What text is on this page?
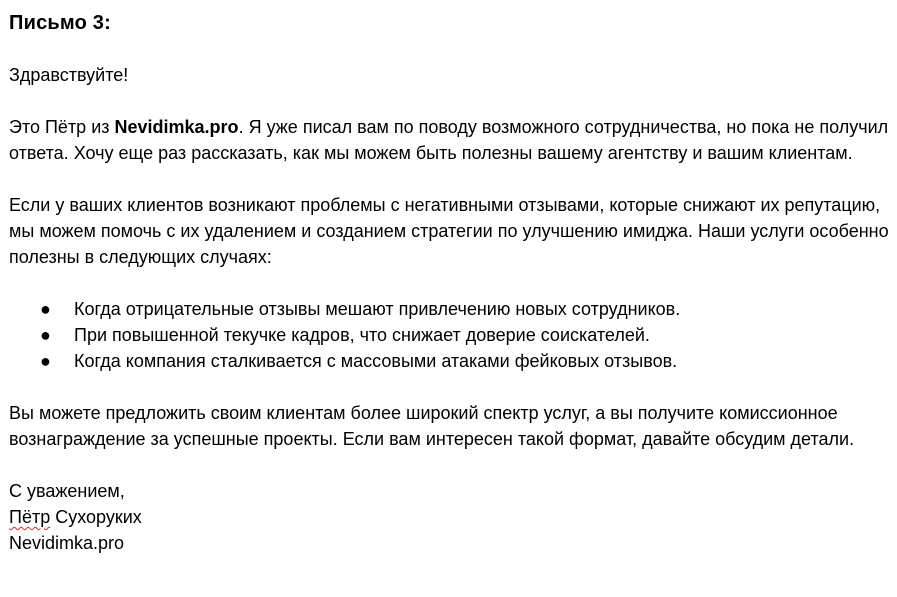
Письмо 3:

Здравствуйте!

Это Пётр из Nevidimka.pro. Я уже писал вам по поводу возможного сотрудничества, но пока не получил ответа. Хочу еще раз рассказать, как мы можем быть полезны вашему агентству и вашим клиентам.

Если у ваших клиентов возникают проблемы с негативными отзывами, которые снижают их репутацию, мы можем помочь с их удалением и созданием стратегии по улучшению имиджа. Наши услуги особенно полезны в следующих случаях:

● Когда отрицательные отзывы мешают привлечению новых сотрудников.
● При повышенной текучке кадров, что снижает доверие соискателей.
● Когда компания сталкивается с массовыми атаками фейковых отзывов.

Вы можете предложить своим клиентам более широкий спектр услуг, а вы получите комиссионное вознаграждение за успешные проекты. Если вам интересен такой формат, давайте обсудим детали.

С уважением,
Пётр Сухоруких
Nevidimka.pro
